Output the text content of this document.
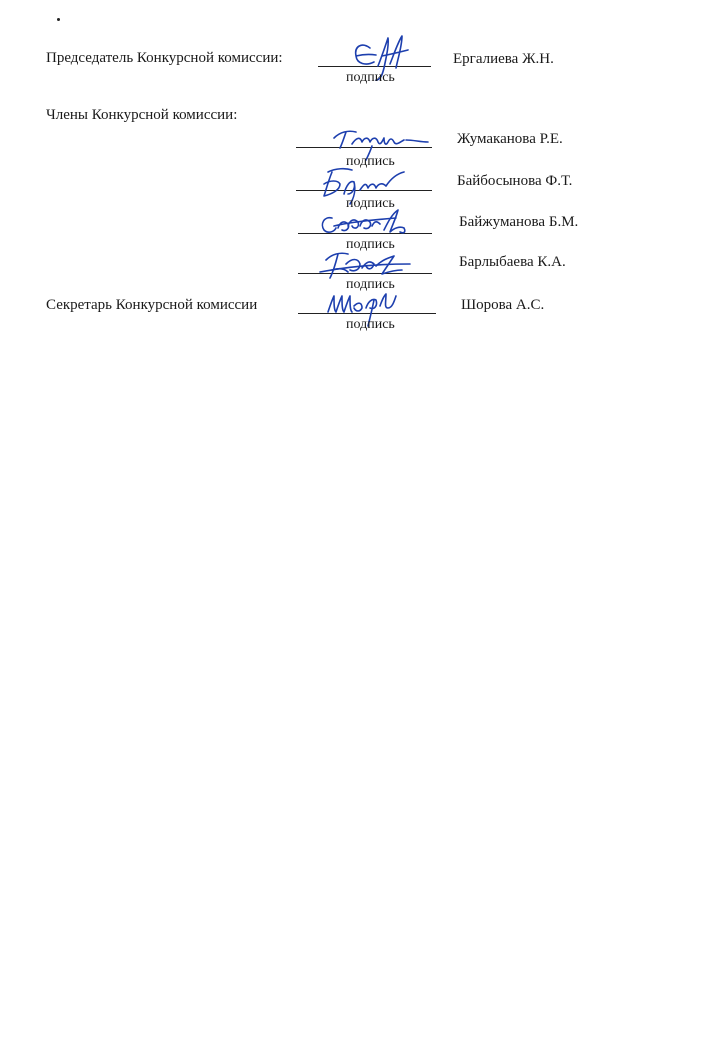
Председатель Конкурсной комиссии:
подпись
Ергалиева Ж.Н.
Члены Конкурсной комиссии:
подпись
Жумаканова Р.Е.
подпись
Байбосынова Ф.Т.
подпись
Байжуманова Б.М.
подпись
Барлыбаева К.А.
Секретарь Конкурсной комиссии
подпись
Шорова А.С.
